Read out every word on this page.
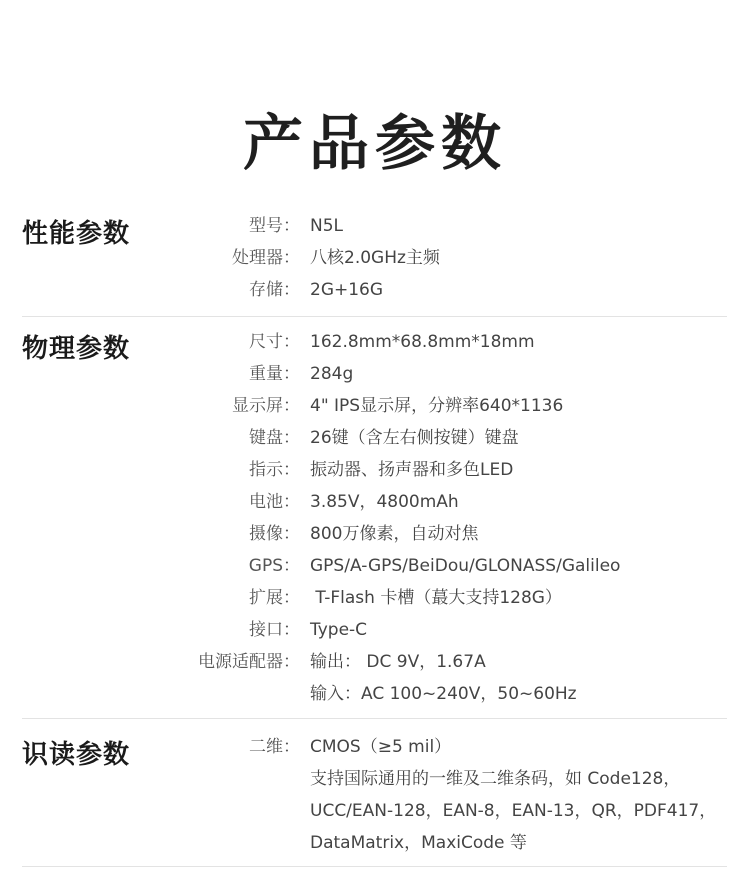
产品参数
性能参数	型号： N5L
处理器： 八核2.0GHz主频
存储： 2G+16G
物理参数	尺寸： 162.8mm*68.8mm*18mm
重量： 284g
显示屏： 4" IPS显示屏，分辨率640*1136
键盘： 26键（含左右侧按键）键盘
指示： 振动器、扬声器和多色LED
电池： 3.85V，4800mAh
摄像： 800万像素，自动对焦
GPS： GPS/A-GPS/BeiDou/GLONASS/Galileo
扩展： T-Flash 卡槽（蕞大支持128G）
接口： Type-C
电源适配器： 输出： DC 9V，1.67A
输入：AC 100~240V，50~60Hz
识读参数	二维： CMOS（≥5 mil）
支持国际通用的一维及二维条码，如 Code128，
UCC/EAN-128，EAN-8，EAN-13，QR，PDF417，
DataMatrix，MaxiCode 等
